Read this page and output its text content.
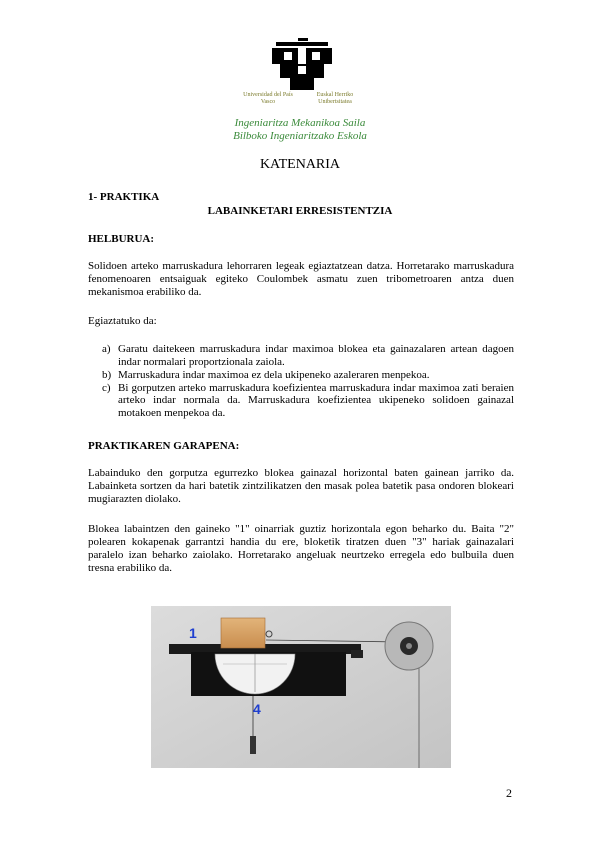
Universidad del País Vasco
Euskal Herriko Unibertsitatea
Ingeniaritza Mekanikoa Saila
Bilboko Ingeniaritzako Eskola
KATENARIA
1- PRAKTIKA
LABAINKETARI ERRESISTENTZIA
HELBURUA:
Solidoen arteko marruskadura lehorraren legeak egiaztatzean datza. Horretarako marruskadura fenomenoaren entsaiguak egiteko Coulombek asmatu zuen tribometroaren antza duen mekanismoa erabiliko da.
Egiaztatuko da:
a) Garatu daitekeen marruskadura indar maximoa blokea eta gainazalaren artean dagoen indar normalari proportzionala zaiola.
b) Marruskadura indar maximoa ez dela ukipeneko azaleraren menpekoa.
c) Bi gorputzen arteko marruskadura koefizientea marruskadura indar maximoa zati beraien arteko indar normala da. Marruskadura koefizientea ukipeneko solidoen gainazal motakoen menpekoa da.
PRAKTIKAREN GARAPENA:
Labainduko den gorputza egurrezko blokea gainazal horizontal baten gainean jarriko da. Labainketa sortzen da hari batetik zintzilikatzen den masak polea batetik pasa ondoren blokeari mugiarazten diolako.
Blokea labaintzen den gaineko "1" oinarriak guztiz horizontala egon beharko du. Baita "2" polearen kokapenak garrantzi handia du ere, bloketik tiratzen duen "3" hariak gainazalari paralelo izan beharko zaiolako. Horretarako angeluak neurtzeko erregela edo bulbuila duen tresna erabiliko da.
1
4
2
